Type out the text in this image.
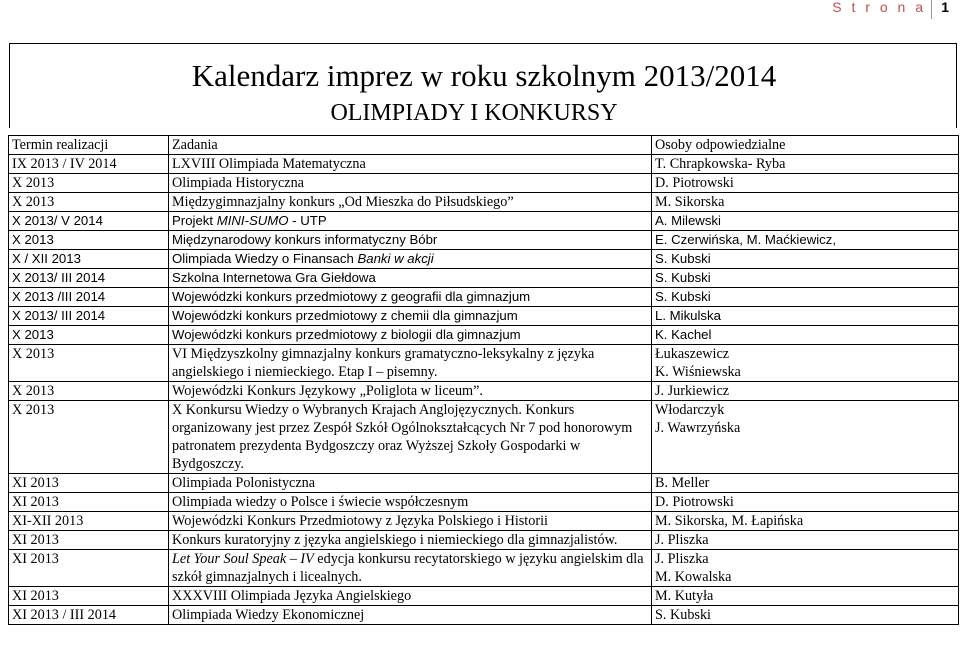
S t r o n a 1
Kalendarz imprez w roku szkolnym 2013/2014
OLIMPIADY I KONKURSY
Termin realizacji	Zadania	Osoby odpowiedzialne
IX 2013 / IV 2014	LXVIII Olimpiada Matematyczna	T. Chrapkowska- Ryba
X 2013	Olimpiada Historyczna	D. Piotrowski
X 2013	Międzygimnazjalny konkurs „Od Mieszka do Piłsudskiego”	M. Sikorska
X 2013/ V 2014	Projekt MINI-SUMO - UTP	A. Milewski
X 2013	Międzynarodowy konkurs informatyczny Bóbr	E. Czerwińska, M. Maćkiewicz,
X / XII 2013	Olimpiada Wiedzy o Finansach Banki w akcji	S. Kubski
X 2013/ III 2014	Szkolna Internetowa Gra Giełdowa	S. Kubski
X 2013 /III 2014	Wojewódzki konkurs przedmiotowy z geografii dla gimnazjum	S. Kubski
X 2013/ III 2014	Wojewódzki konkurs przedmiotowy z chemii dla gimnazjum	L. Mikulska
X 2013	Wojewódzki konkurs przedmiotowy z biologii dla gimnazjum	K. Kachel
X 2013	VI Międzyszkolny gimnazjalny konkurs gramatyczno-leksykalny z języka angielskiego i niemieckiego. Etap I – pisemny.	Łukaszewicz
K. Wiśniewska

X 2013	Wojewódzki Konkurs Językowy „Poliglota w liceum”.	J. Jurkiewicz
X 2013	X Konkursu Wiedzy o Wybranych Krajach Anglojęzycznych. Konkurs organizowany jest przez Zespół Szkół Ogólnokształcących Nr 7 pod honorowym patronatem prezydenta Bydgoszczy oraz Wyższej Szkoły Gospodarki w Bydgoszczy.	Włodarczyk
J. Wawrzyńska

XI 2013	Olimpiada Polonistyczna	B. Meller
XI 2013	Olimpiada wiedzy o Polsce i świecie współczesnym	D. Piotrowski
XI-XII 2013	Wojewódzki Konkurs Przedmiotowy z Języka Polskiego i Historii	M. Sikorska, M. Łapińska
XI 2013	Konkurs kuratoryjny z języka angielskiego i niemieckiego dla gimnazjalistów.	J. Pliszka
XI 2013	Let Your Soul Speak – IV edycja konkursu recytatorskiego w języku angielskim dla szkół gimnazjalnych i licealnych.	J. Pliszka
M. Kowalska

XI 2013	XXXVIII Olimpiada Języka Angielskiego	M. Kutyła
XI 2013 / III 2014	Olimpiada Wiedzy Ekonomicznej	S. Kubski
